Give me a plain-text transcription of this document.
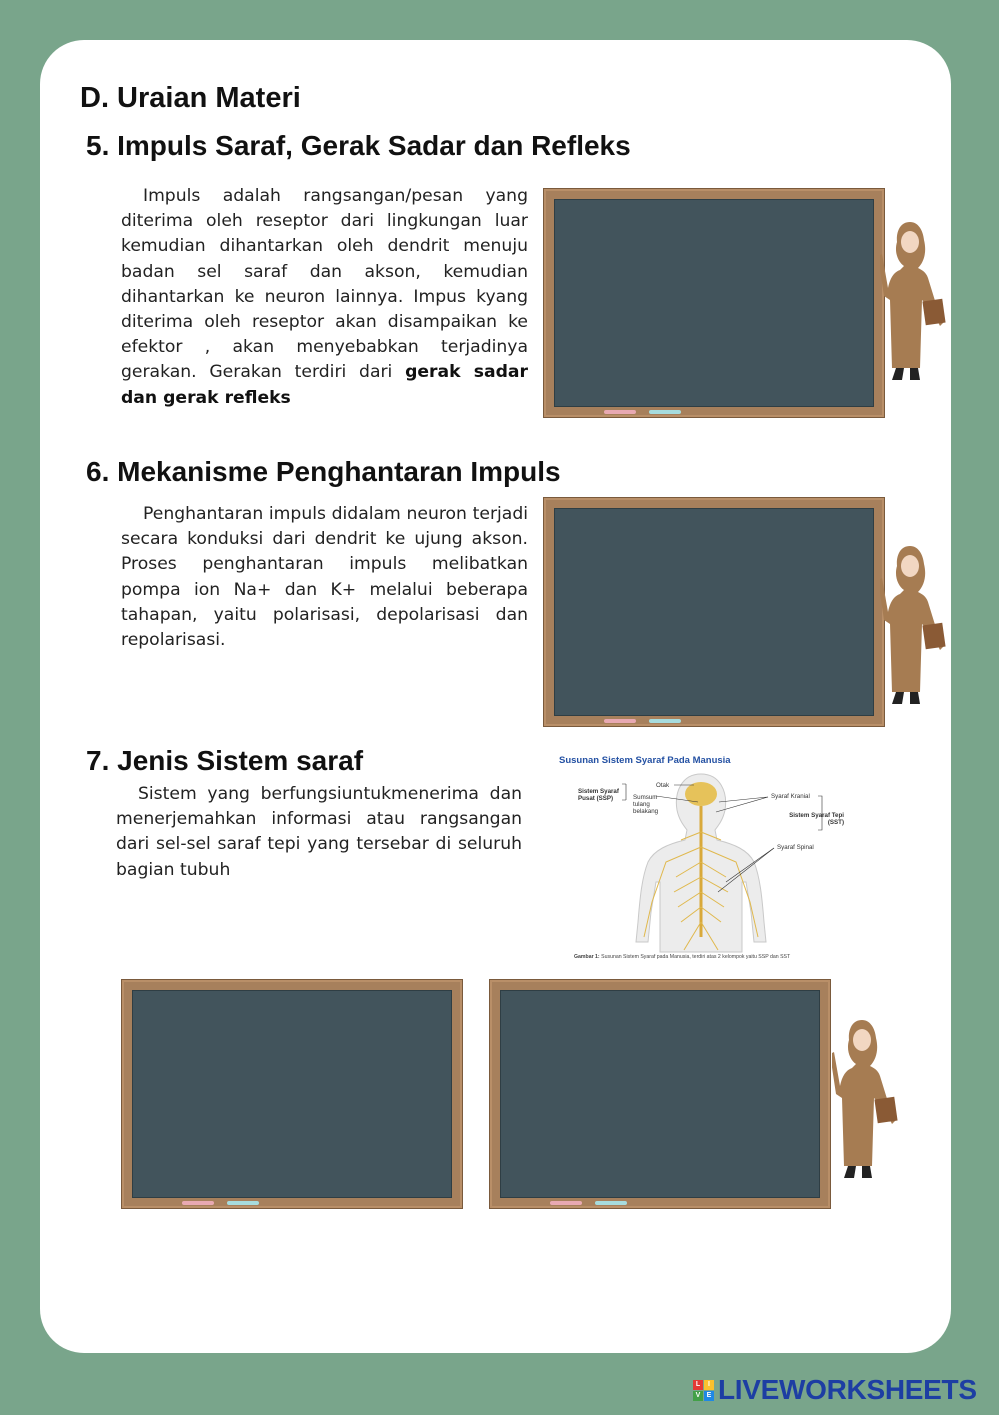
D. Uraian Materi
5. Impuls Saraf, Gerak Sadar dan Refleks
Impuls adalah rangsangan/pesan yang diterima oleh reseptor dari lingkungan luar kemudian dihantarkan oleh dendrit menuju badan sel saraf dan akson, kemudian dihantarkan ke neuron lainnya. Impus kyang diterima oleh reseptor akan disampaikan ke efektor , akan menyebabkan terjadinya gerakan. Gerakan terdiri dari gerak sadar dan gerak refleks
6. Mekanisme Penghantaran Impuls
Penghantaran impuls didalam neuron terjadi secara konduksi dari dendrit ke ujung akson. Proses penghantaran impuls melibatkan pompa ion Na+ dan K+ melalui beberapa tahapan, yaitu polarisasi, depolarisasi dan repolarisasi.
7. Jenis Sistem saraf
Sistem yang berfungsiuntukmenerima dan menerjemahkan informasi atau rangsangan dari sel-sel saraf tepi yang tersebar di seluruh bagian tubuh
Susunan Sistem Syaraf Pada Manusia
Sistem Syaraf Pusat (SSP)
Otak
Sumsum tulang belakang
Syaraf Kranial
Sistem Syaraf Tepi (SST)
Syaraf Spinal
Gambar 1: Susunan Sistem Syaraf pada Manusia, terdiri atas 2 kelompok yaitu SSP dan SST
L	I
V E LIVEWORKSHEETS
